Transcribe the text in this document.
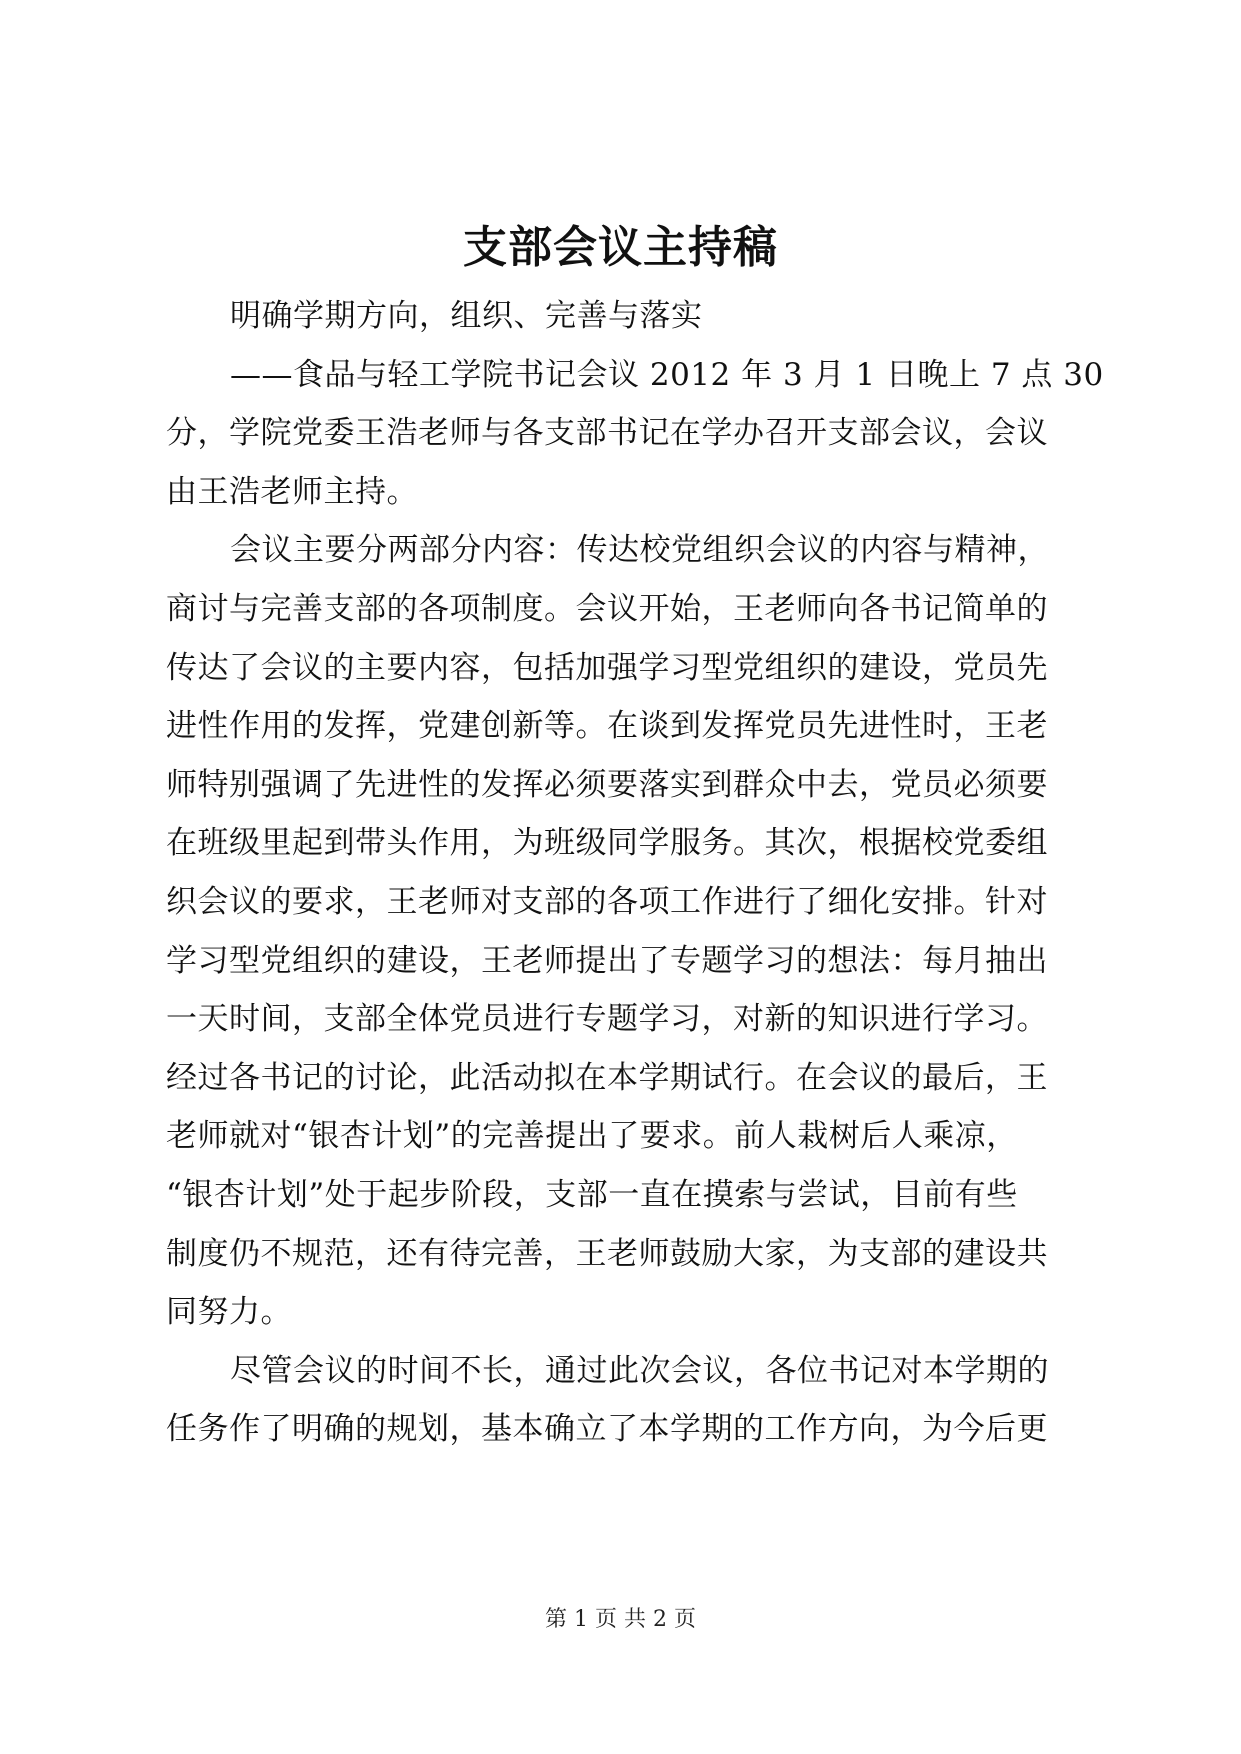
支部会议主持稿
明确学期方向，组织、完善与落实
——食品与轻工学院书记会议 2012 年 3 月 1 日晚上 7 点 30
分，学院党委王浩老师与各支部书记在学办召开支部会议，会议
由王浩老师主持。
会议主要分两部分内容：传达校党组织会议的内容与精神，
商讨与完善支部的各项制度。会议开始，王老师向各书记简单的
传达了会议的主要内容，包括加强学习型党组织的建设，党员先
进性作用的发挥，党建创新等。在谈到发挥党员先进性时，王老
师特别强调了先进性的发挥必须要落实到群众中去，党员必须要
在班级里起到带头作用，为班级同学服务。其次，根据校党委组
织会议的要求，王老师对支部的各项工作进行了细化安排。针对
学习型党组织的建设，王老师提出了专题学习的想法：每月抽出
一天时间，支部全体党员进行专题学习，对新的知识进行学习。
经过各书记的讨论，此活动拟在本学期试行。在会议的最后，王
老师就对“银杏计划”的完善提出了要求。前人栽树后人乘凉，
“银杏计划”处于起步阶段，支部一直在摸索与尝试，目前有些
制度仍不规范，还有待完善，王老师鼓励大家，为支部的建设共
同努力。
尽管会议的时间不长，通过此次会议，各位书记对本学期的
任务作了明确的规划，基本确立了本学期的工作方向，为今后更
第 1 页 共 2 页
